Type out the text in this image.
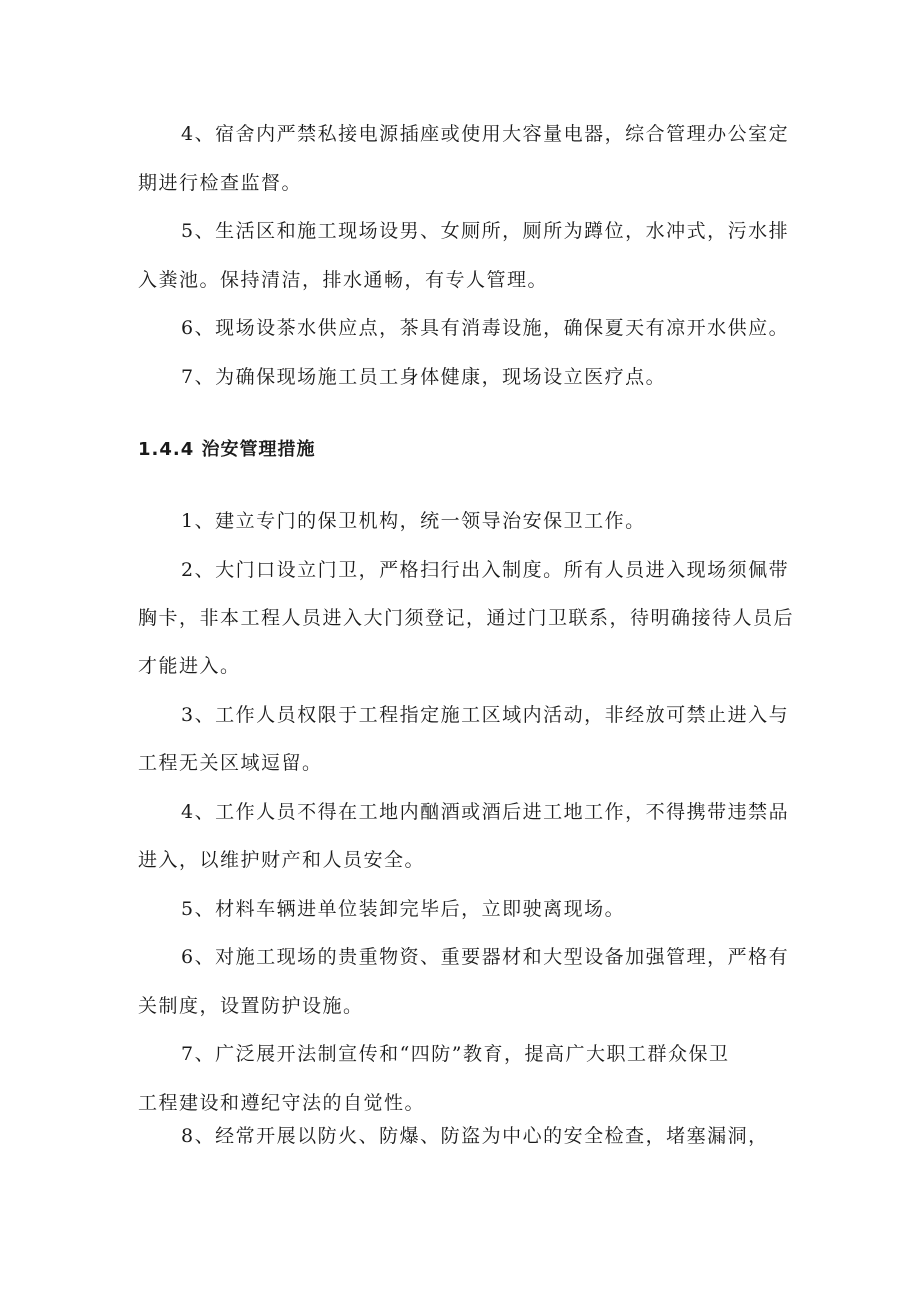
4、宿舍内严禁私接电源插座或使用大容量电器，综合管理办公室定
期进行检查监督。
5、生活区和施工现场设男、女厕所，厕所为蹲位，水冲式，污水排
入粪池。保持清洁，排水通畅，有专人管理。
6、现场设茶水供应点，茶具有消毒设施，确保夏天有凉开水供应。
7、为确保现场施工员工身体健康，现场设立医疗点。
1.4.4 治安管理措施
1、建立专门的保卫机构，统一领导治安保卫工作。
2、大门口设立门卫，严格扫行出入制度。所有人员进入现场须佩带
胸卡，非本工程人员进入大门须登记，通过门卫联系，待明确接待人员后
才能进入。
3、工作人员权限于工程指定施工区域内活动，非经放可禁止进入与
工程无关区域逗留。
4、工作人员不得在工地内酗酒或酒后进工地工作，不得携带违禁品
进入，以维护财产和人员安全。
5、材料车辆进单位装卸完毕后，立即驶离现场。
6、对施工现场的贵重物资、重要器材和大型设备加强管理，严格有
关制度，设置防护设施。
7、广泛展开法制宣传和“四防”教育，提高广大职工群众保卫
工程建设和遵纪守法的自觉性。
8、经常开展以防火、防爆、防盗为中心的安全检查，堵塞漏洞，
